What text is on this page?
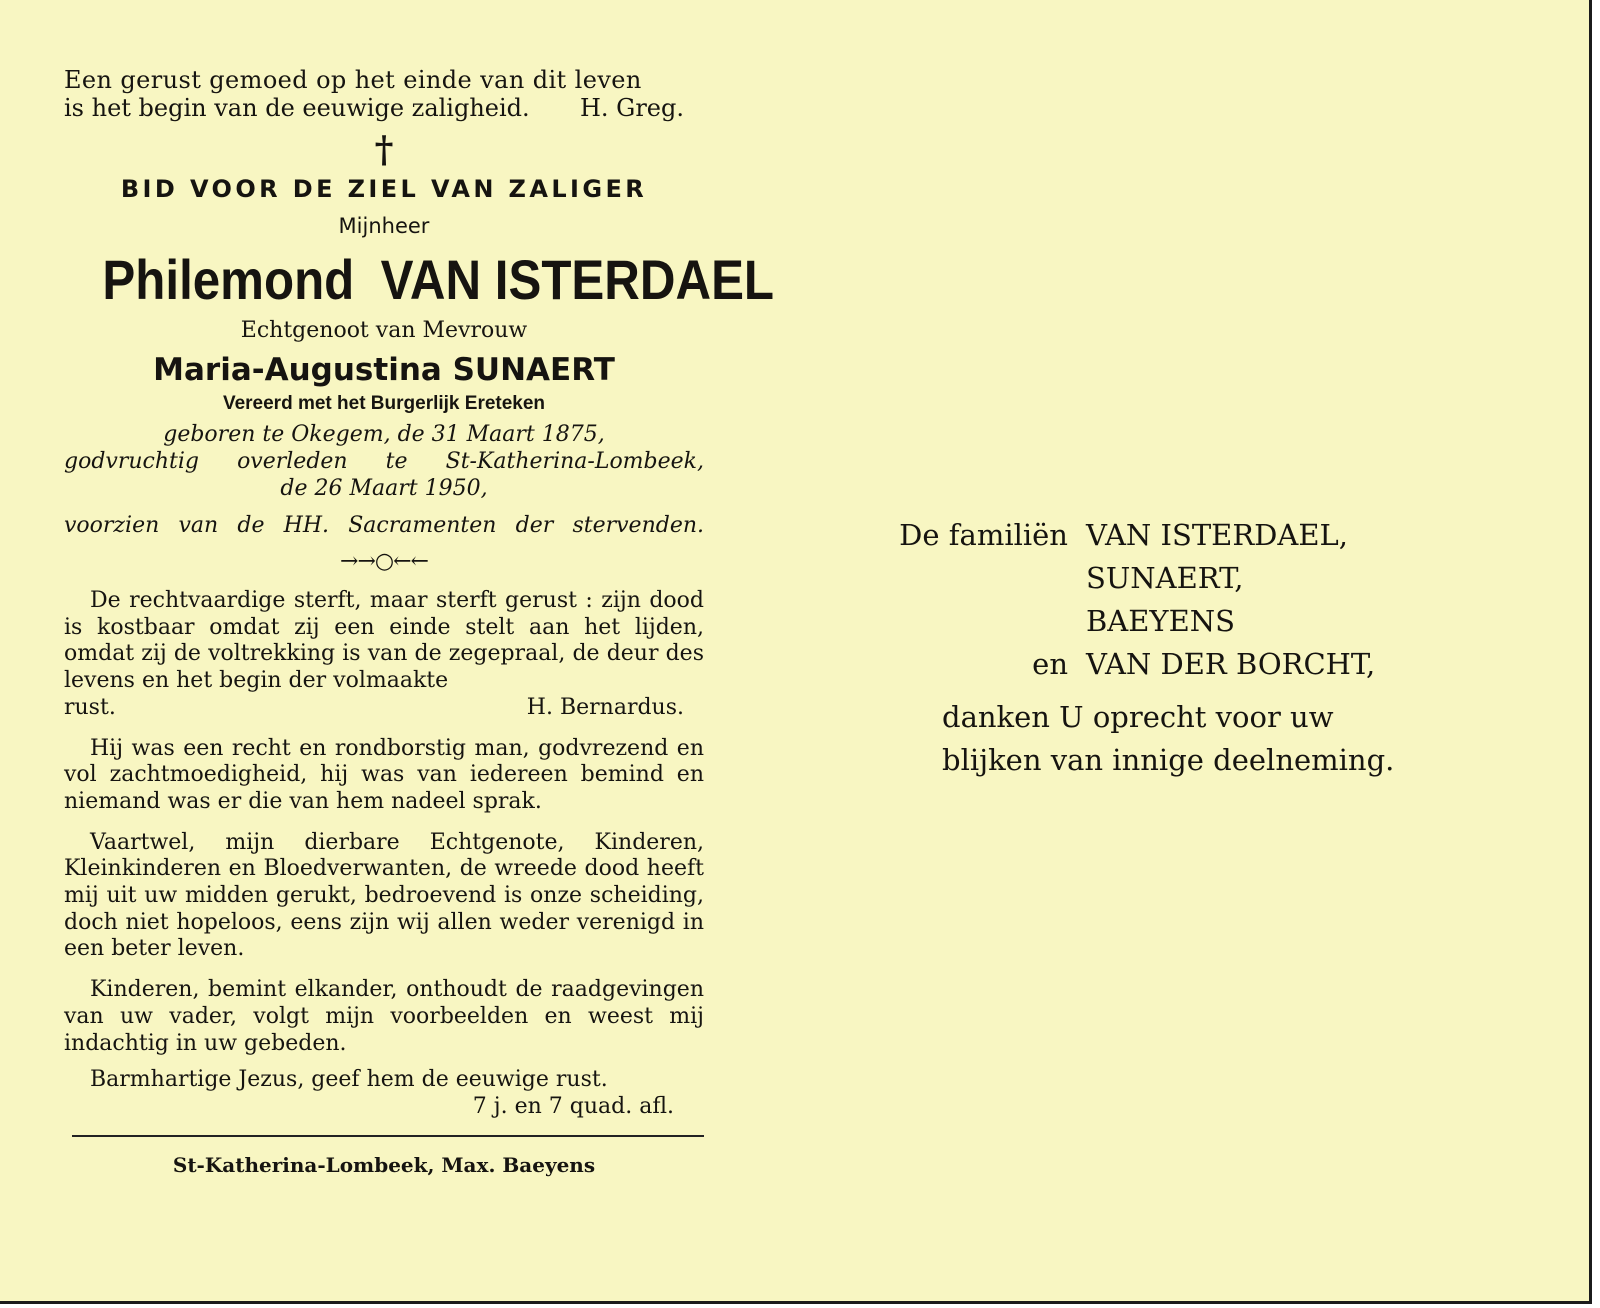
Een gerust gemoed op het einde van dit leven
is het begin van de eeuwige zaligheid. H. Greg.
†
BID VOOR DE ZIEL VAN ZALIGER
Mijnheer
Philemond VAN ISTERDAEL
Echtgenoot van Mevrouw
Maria-Augustina SUNAERT
Vereerd met het Burgerlijk Ereteken
geboren te Okegem, de 31 Maart 1875,
godvruchtig overleden te St-Katherina-Lombeek,
de 26 Maart 1950,
voorzien van de HH. Sacramenten der stervenden.
→→○←←
De rechtvaardige sterft, maar sterft gerust : zijn dood is kostbaar omdat zij een einde stelt aan het lijden, omdat zij de voltrekking is van de zegepraal, de deur des levens en het begin der volmaakte
rust.	H. Bernardus.
Hij was een recht en rondborstig man, godvrezend en vol zachtmoedigheid, hij was van iedereen bemind en niemand was er die van hem nadeel sprak.
Vaartwel, mijn dierbare Echtgenote, Kinderen, Kleinkinderen en Bloedverwanten, de wreede dood heeft mij uit uw midden gerukt, bedroevend is onze scheiding, doch niet hopeloos, eens zijn wij allen weder verenigd in een beter leven.
Kinderen, bemint elkander, onthoudt de raadgevingen van uw vader, volgt mijn voorbeelden en weest mij indachtig in uw gebeden.
Barmhartige Jezus, geef hem de eeuwige rust.
7 j. en 7 quad. afl.
St-Katherina-Lombeek, Max. Baeyens
De familiën VAN ISTERDAEL,
SUNAERT,
BAEYENS
en VAN DER BORCHT,
danken U oprecht voor uw
blijken van innige deelneming.
